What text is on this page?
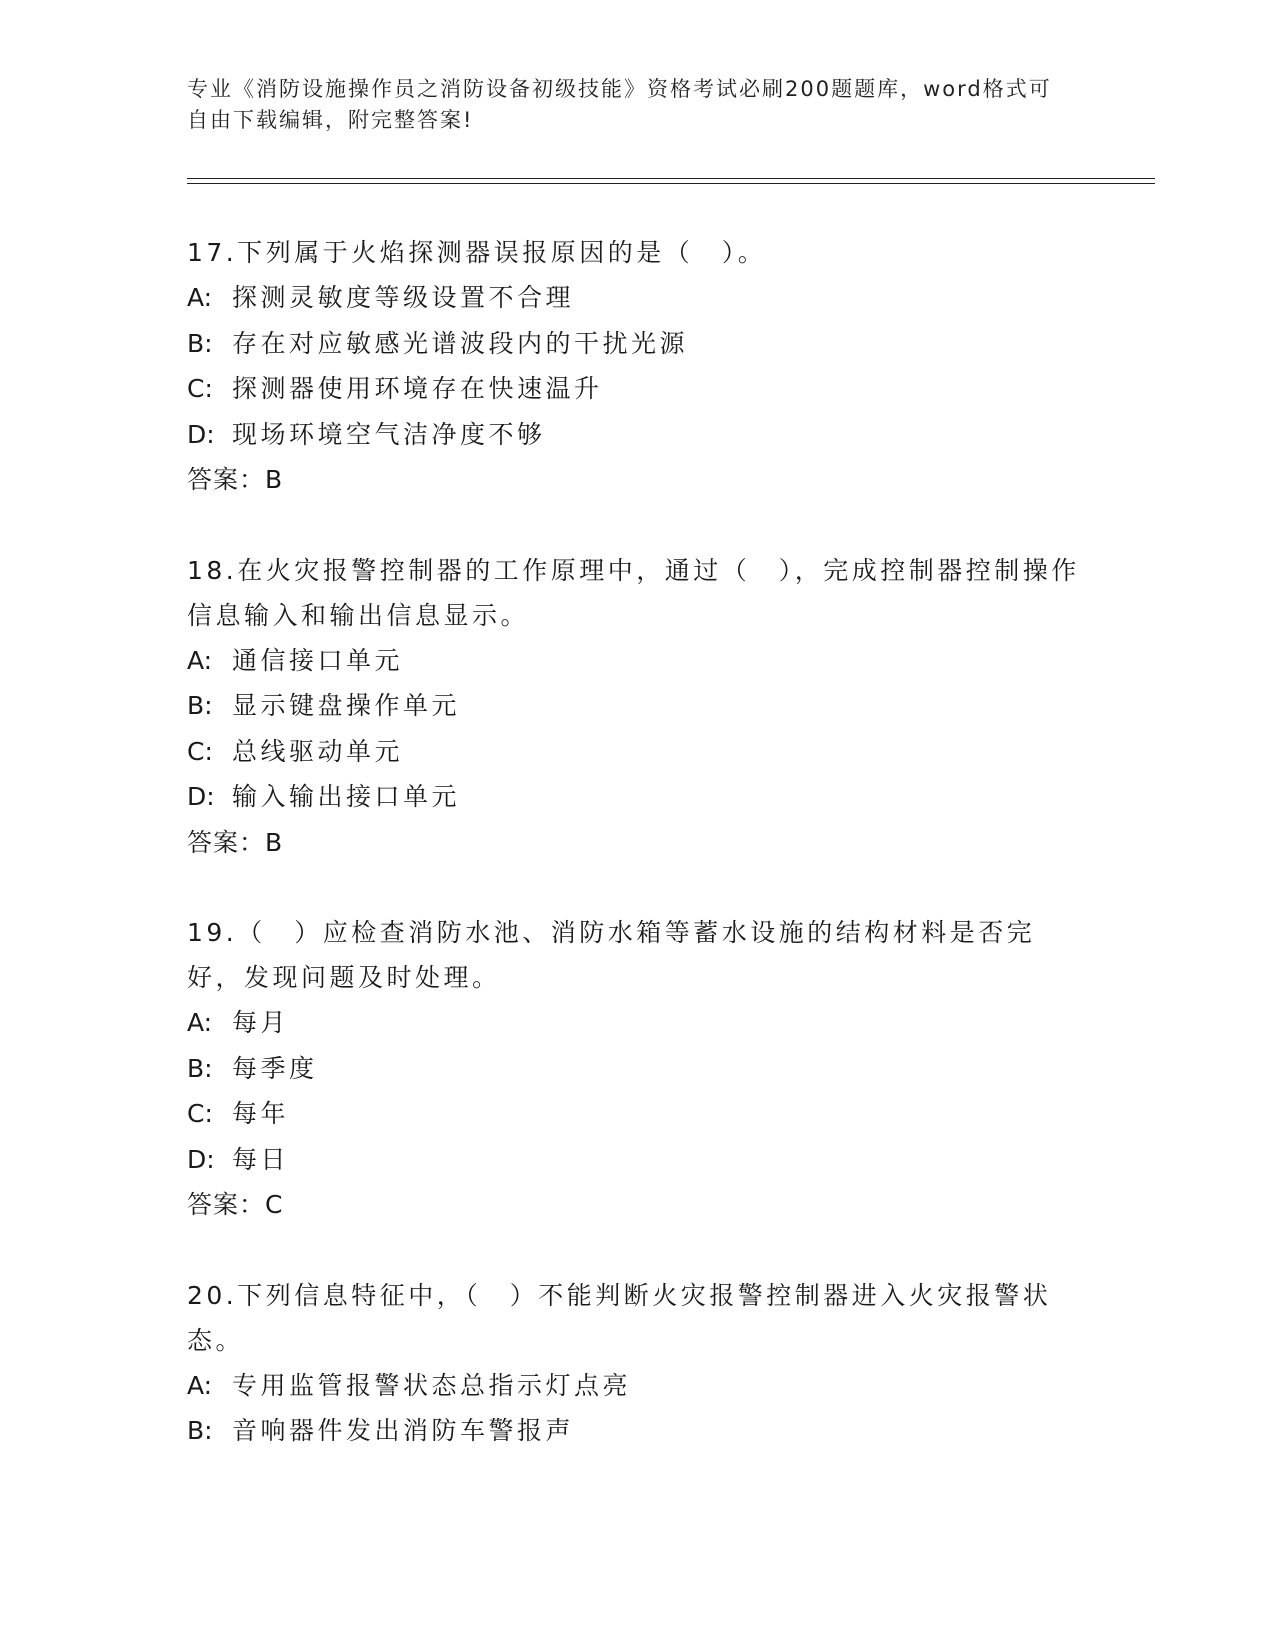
专业《消防设施操作员之消防设备初级技能》资格考试必刷200题题库，word格式可自由下载编辑，附完整答案!
17.下列属于火焰探测器误报原因的是（　）。
A: 探测灵敏度等级设置不合理
B: 存在对应敏感光谱波段内的干扰光源
C: 探测器使用环境存在快速温升
D: 现场环境空气洁净度不够
答案：B
18.在火灾报警控制器的工作原理中，通过（　），完成控制器控制操作信息输入和输出信息显示。
A: 通信接口单元
B: 显示键盘操作单元
C: 总线驱动单元
D: 输入输出接口单元
答案：B
19.（　）应检查消防水池、消防水箱等蓄水设施的结构材料是否完好，发现问题及时处理。
A: 每月
B: 每季度
C: 每年
D: 每日
答案：C
20.下列信息特征中，（　）不能判断火灾报警控制器进入火灾报警状态。
A: 专用监管报警状态总指示灯点亮
B: 音响器件发出消防车警报声
